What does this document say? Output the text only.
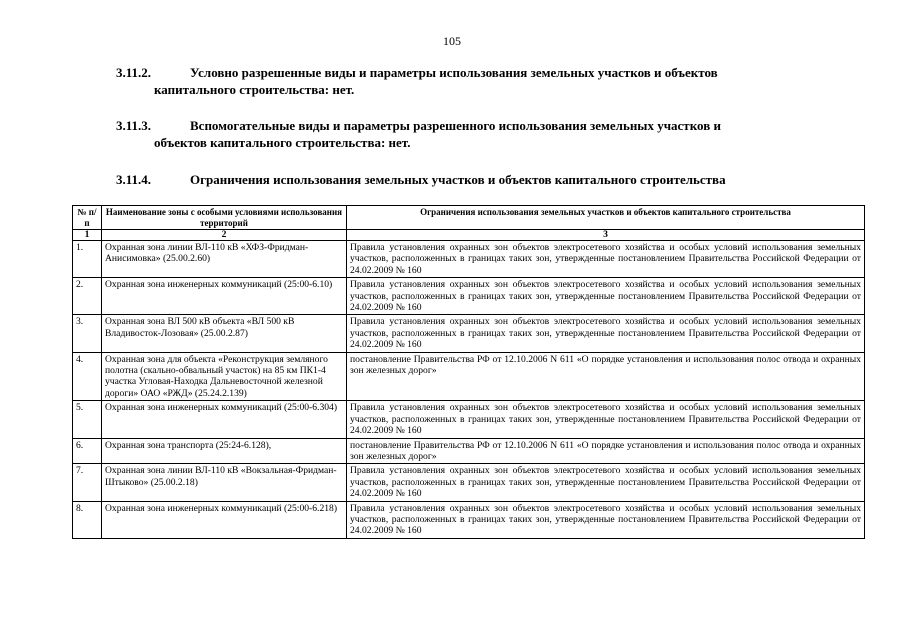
105
3.11.2.	Условно разрешенные виды и параметры использования земельных участков и объектов
капитального строительства: нет.
3.11.3.	Вспомогательные виды и параметры разрешенного использования земельных участков и
объектов капитального строительства: нет.
3.11.4.	Ограничения использования земельных участков и объектов капитального строительства
№ п/п	Наименование зоны с особыми условиями использования территорий	Ограничения использования земельных участков и объектов капитального строительства
1	2	3
1.	Охранная зона линии ВЛ-110 кВ «ХФЗ-Фридман-Анисимовка» (25.00.2.60)	Правила установления охранных зон объектов электросетевого хозяйства и особых условий использования земельных участков, расположенных в границах таких зон, утвержденные постановлением Правительства Российской Федерации от 24.02.2009 № 160
2.	Охранная зона инженерных коммуникаций (25:00-6.10)	Правила установления охранных зон объектов электросетевого хозяйства и особых условий использования земельных участков, расположенных в границах таких зон, утвержденные постановлением Правительства Российской Федерации от 24.02.2009 № 160
3.	Охранная зона ВЛ 500 кВ объекта «ВЛ 500 кВ Владивосток-Лозовая» (25.00.2.87)	Правила установления охранных зон объектов электросетевого хозяйства и особых условий использования земельных участков, расположенных в границах таких зон, утвержденные постановлением Правительства Российской Федерации от 24.02.2009 № 160
4.	Охранная зона для объекта «Реконструкция земляного полотна (скально-обвальный участок) на 85 км ПК1-4 участка Угловая-Находка Дальневосточной железной дороги» ОАО «РЖД» (25.24.2.139)	постановление Правительства РФ от 12.10.2006 N 611 «О порядке установления и использования полос отвода и охранных зон железных дорог»
5.	Охранная зона инженерных коммуникаций (25:00-6.304)	Правила установления охранных зон объектов электросетевого хозяйства и особых условий использования земельных участков, расположенных в границах таких зон, утвержденные постановлением Правительства Российской Федерации от 24.02.2009 № 160
6.	Охранная зона транспорта (25:24-6.128),	постановление Правительства РФ от 12.10.2006 N 611 «О порядке установления и использования полос отвода и охранных зон железных дорог»
7.	Охранная зона линии ВЛ-110 кВ «Вокзальная-Фридман-Штыково» (25.00.2.18)	Правила установления охранных зон объектов электросетевого хозяйства и особых условий использования земельных участков, расположенных в границах таких зон, утвержденные постановлением Правительства Российской Федерации от 24.02.2009 № 160
8.	Охранная зона инженерных коммуникаций (25:00-6.218)	Правила установления охранных зон объектов электросетевого хозяйства и особых условий использования земельных участков, расположенных в границах таких зон, утвержденные постановлением Правительства Российской Федерации от 24.02.2009 № 160
